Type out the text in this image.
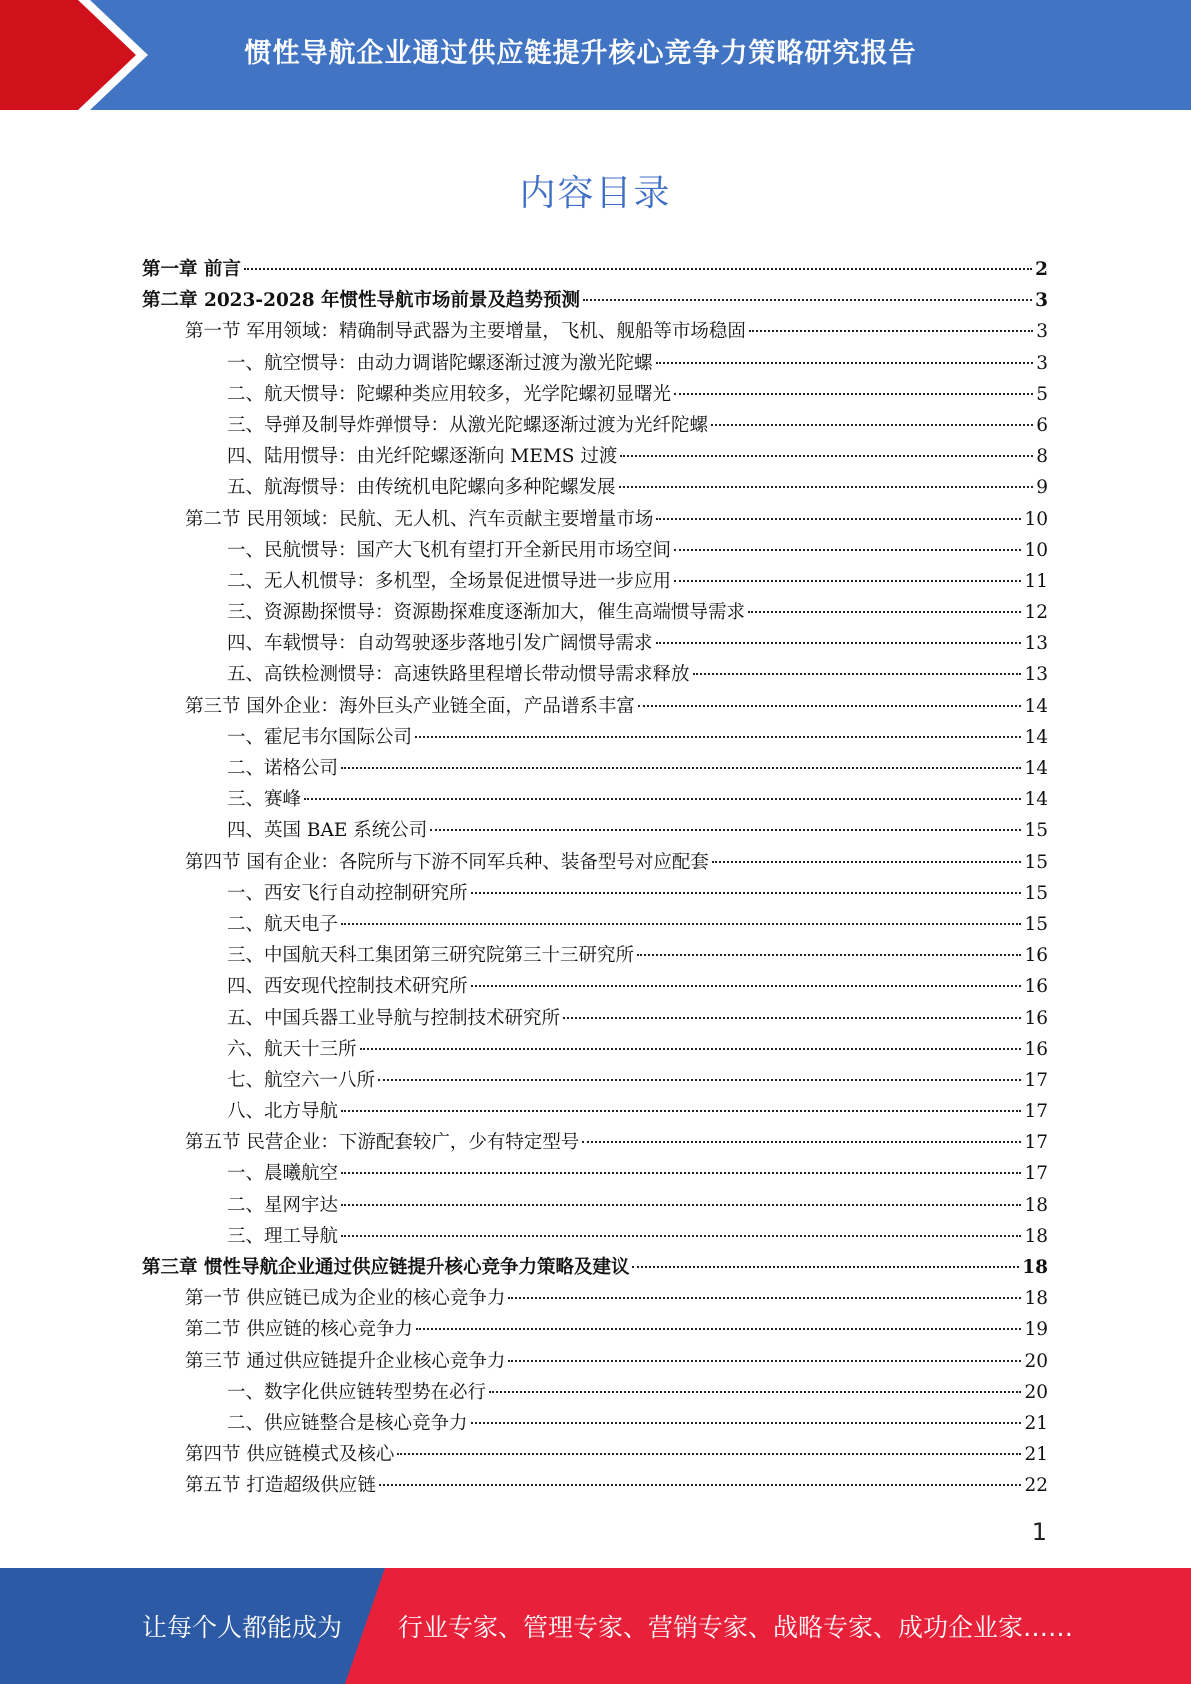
惯性导航企业通过供应链提升核心竞争力策略研究报告
内容目录
第一章 前言	2
第二章 2023-2028 年惯性导航市场前景及趋势预测	3
第一节 军用领域：精确制导武器为主要增量，飞机、舰船等市场稳固	3
一、航空惯导：由动力调谐陀螺逐渐过渡为激光陀螺	3
二、航天惯导：陀螺种类应用较多，光学陀螺初显曙光	5
三、导弹及制导炸弹惯导：从激光陀螺逐渐过渡为光纤陀螺	6
四、陆用惯导：由光纤陀螺逐渐向 MEMS 过渡	8
五、航海惯导：由传统机电陀螺向多种陀螺发展	9
第二节 民用领域：民航、无人机、汽车贡献主要增量市场	10
一、民航惯导：国产大飞机有望打开全新民用市场空间	10
二、无人机惯导：多机型，全场景促进惯导进一步应用	11
三、资源勘探惯导：资源勘探难度逐渐加大，催生高端惯导需求	12
四、车载惯导：自动驾驶逐步落地引发广阔惯导需求	13
五、高铁检测惯导：高速铁路里程增长带动惯导需求释放	13
第三节 国外企业：海外巨头产业链全面，产品谱系丰富	14
一、霍尼韦尔国际公司	14
二、诺格公司	14
三、赛峰	14
四、英国 BAE 系统公司	15
第四节 国有企业：各院所与下游不同军兵种、装备型号对应配套	15
一、西安飞行自动控制研究所	15
二、航天电子	15
三、中国航天科工集团第三研究院第三十三研究所	16
四、西安现代控制技术研究所	16
五、中国兵器工业导航与控制技术研究所	16
六、航天十三所	16
七、航空六一八所	17
八、北方导航	17
第五节 民营企业：下游配套较广，少有特定型号	17
一、晨曦航空	17
二、星网宇达	18
三、理工导航	18
第三章 惯性导航企业通过供应链提升核心竞争力策略及建议	18
第一节 供应链已成为企业的核心竞争力	18
第二节 供应链的核心竞争力	19
第三节 通过供应链提升企业核心竞争力	20
一、数字化供应链转型势在必行	20
二、供应链整合是核心竞争力	21
第四节 供应链模式及核心	21
第五节 打造超级供应链	22
1
让每个人都能成为 行业专家、管理专家、营销专家、战略专家、成功企业家……
